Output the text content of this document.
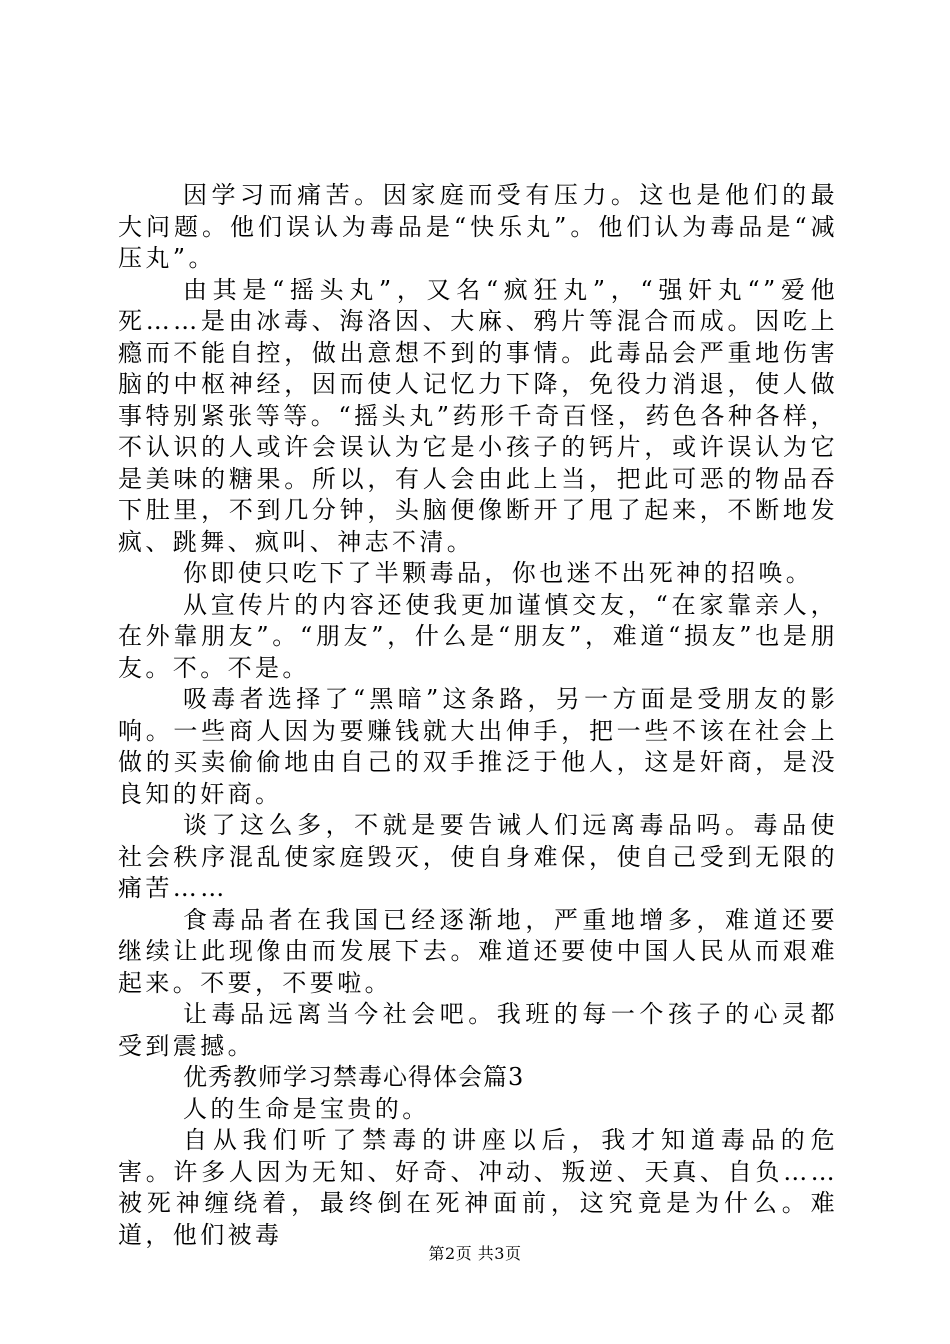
因学习而痛苦。因家庭而受有压力。这也是他们的最大问题。他们误认为毒品是“快乐丸”。他们认为毒品是“减压丸”。

由其是“摇头丸”，又名“疯狂丸”，“强奸丸“”爱他死……是由冰毒、海洛因、大麻、鸦片等混合而成。因吃上瘾而不能自控，做出意想不到的事情。此毒品会严重地伤害脑的中枢神经，因而使人记忆力下降，免役力消退，使人做事特别紧张等等。“摇头丸”药形千奇百怪，药色各种各样，不认识的人或许会误认为它是小孩子的钙片，或许误认为它是美味的糖果。所以，有人会由此上当，把此可恶的物品吞下肚里，不到几分钟，头脑便像断开了甩了起来，不断地发疯、跳舞、疯叫、神志不清。

你即使只吃下了半颗毒品，你也迷不出死神的招唤。

从宣传片的内容还使我更加谨慎交友，“在家靠亲人，在外靠朋友”。“朋友”，什么是“朋友”，难道“损友”也是朋友。不。不是。

吸毒者选择了“黑暗”这条路，另一方面是受朋友的影响。一些商人因为要赚钱就大出伸手，把一些不该在社会上做的买卖偷偷地由自己的双手推泛于他人，这是奸商，是没良知的奸商。

谈了这么多，不就是要告诫人们远离毒品吗。毒品使社会秩序混乱使家庭毁灭，使自身难保，使自己受到无限的痛苦……

食毒品者在我国已经逐渐地，严重地增多，难道还要继续让此现像由而发展下去。难道还要使中国人民从而艰难起来。不要，不要啦。

让毒品远离当今社会吧。我班的每一个孩子的心灵都受到震撼。

优秀教师学习禁毒心得体会篇3

人的生命是宝贵的。

自从我们听了禁毒的讲座以后，我才知道毒品的危害。许多人因为无知、好奇、冲动、叛逆、天真、自负……被死神缠绕着，最终倒在死神面前，这究竟是为什么。难道，他们被毒

第2页 共3页
